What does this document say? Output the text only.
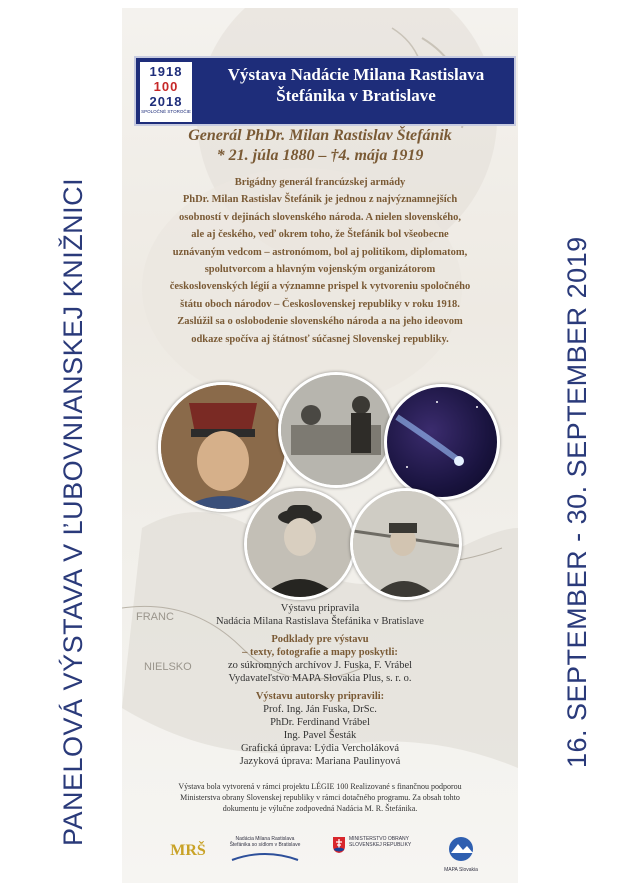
PANELOVÁ VÝSTAVA V ĽUBOVNIANSKEJ KNIŽNICI	16. SEPTEMBER - 30. SEPTEMBER 2019
FRANC
NIELSKO
1918
100
2018
SPOLOČNÉ STOROČIE
Výstava Nadácie Milana Rastislava
Štefánika v Bratislave
Generál PhDr. Milan Rastislav Štefánik
* 21. júla 1880 – †4. mája 1919
Brigádny generál francúzskej armády
PhDr. Milan Rastislav Štefánik je jednou z najvýznamnejších
osobností v dejinách slovenského národa. A nielen slovenského,
ale aj českého, veď okrem toho, že Štefánik bol všeobecne
uznávaným vedcom – astronómom, bol aj politikom, diplomatom,
spolutvorcom a hlavným vojenským organizátorom
československých légií a významne prispel k vytvoreniu spoločného
štátu oboch národov – Československej republiky v roku 1918.
Zaslúžil sa o oslobodenie slovenského národa a na jeho ideovom
odkaze spočíva aj štátnosť súčasnej Slovenskej republiky.
Výstavu pripravila
Nadácia Milana Rastislava Štefánika v Bratislave
Podklady pre výstavu
– texty, fotografie a mapy poskytli:
zo súkromných archívov J. Fuska, F. Vrábel
Vydavateľstvo MAPA Slovakia Plus, s. r. o.
Výstavu autorsky pripravili:
Prof. Ing. Ján Fuska, DrSc.
PhDr. Ferdinand Vrábel
Ing. Pavel Šesták
Grafická úprava: Lýdia Vercholáková
Jazyková úprava: Mariana Paulinyová
Výstava bola vytvorená v rámci projektu LÉGIE 100 Realizované s finančnou podporou Ministerstva obrany Slovenskej republiky v rámci dotačného programu. Za obsah tohto dokumentu je výlučne zodpovedná Nadácia M. R. Štefánika.
MRŠ
Nadácia Milana Rastislava Štefánika so sídlom v Bratislave
MINISTERSTVO OBRANY SLOVENSKEJ REPUBLIKY
MAPA Slovakia
